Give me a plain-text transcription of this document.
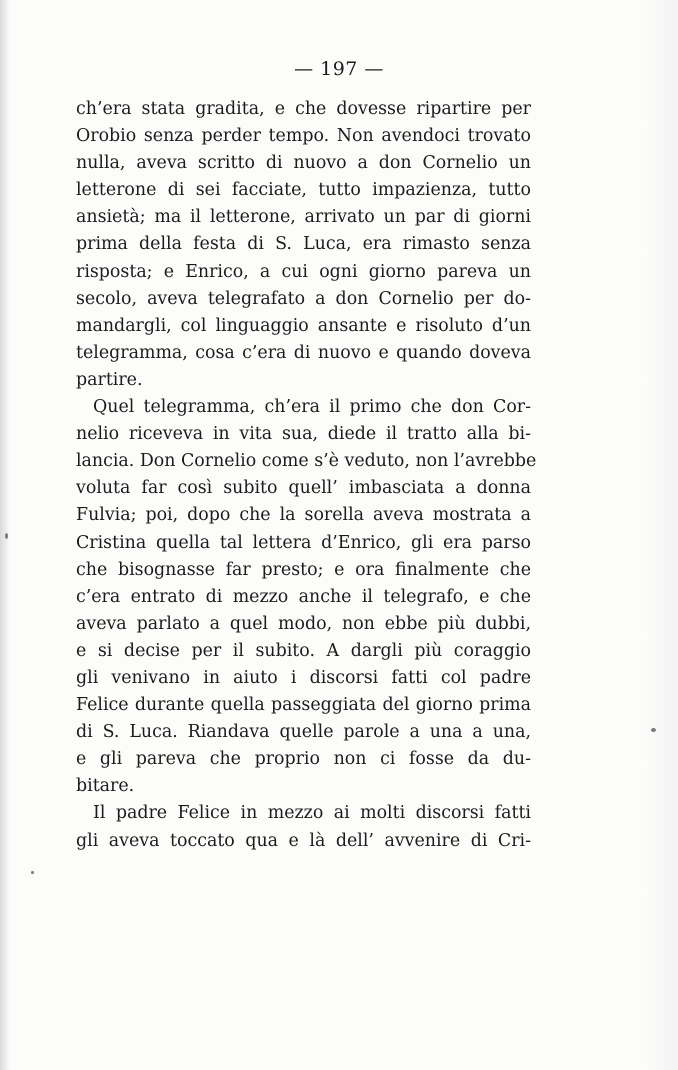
— 197 —
ch’era stata gradita, e che dovesse ripartire per
Orobio senza perder tempo. Non avendoci trovato
nulla, aveva scritto di nuovo a don Cornelio un
letterone di sei facciate, tutto impazienza, tutto
ansietà; ma il letterone, arrivato un par di giorni
prima della festa di S. Luca, era rimasto senza
risposta; e Enrico, a cui ogni giorno pareva un
secolo, aveva telegrafato a don Cornelio per do-
mandargli, col linguaggio ansante e risoluto d’un
telegramma, cosa c’era di nuovo e quando doveva
partire.
Quel telegramma, ch’era il primo che don Cor-
nelio riceveva in vita sua, diede il tratto alla bi-
lancia. Don Cornelio come s’è veduto, non l’avrebbe
voluta far così subito quell’ imbasciata a donna
Fulvia; poi, dopo che la sorella aveva mostrata a
Cristina quella tal lettera d’Enrico, gli era parso
che bisognasse far presto; e ora finalmente che
c’era entrato di mezzo anche il telegrafo, e che
aveva parlato a quel modo, non ebbe più dubbi,
e si decise per il subito. A dargli più coraggio
gli venivano in aiuto i discorsi fatti col padre
Felice durante quella passeggiata del giorno prima
di S. Luca. Riandava quelle parole a una a una,
e gli pareva che proprio non ci fosse da du-
bitare.
Il padre Felice in mezzo ai molti discorsi fatti
gli aveva toccato qua e là dell’ avvenire di Cri-
